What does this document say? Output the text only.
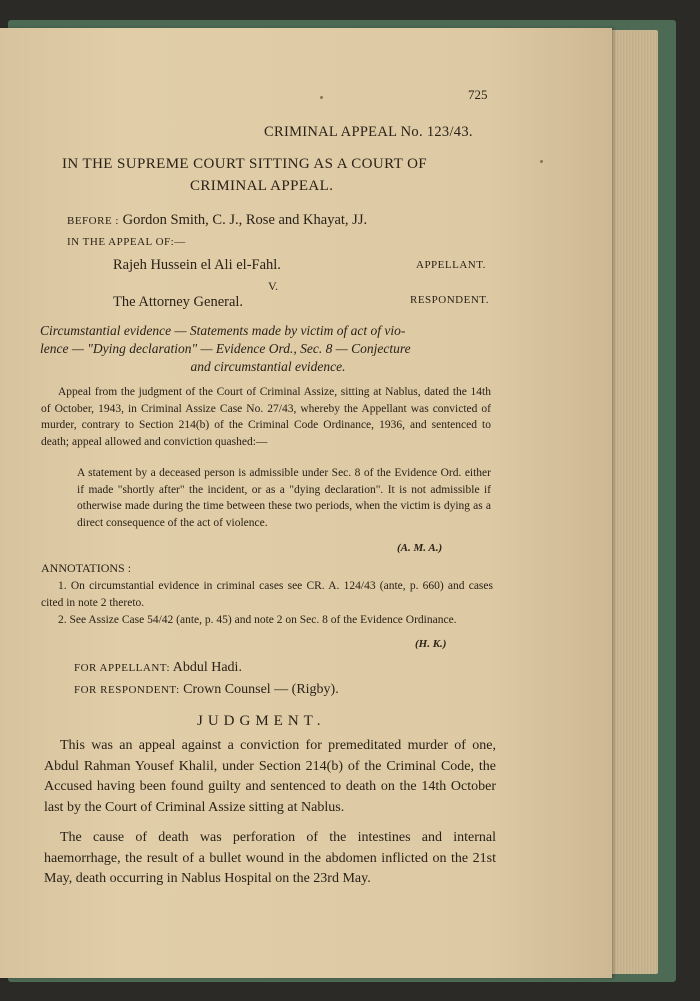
725
CRIMINAL APPEAL No. 123/43.
IN THE SUPREME COURT SITTING AS A COURT OF
CRIMINAL APPEAL.
BEFORE : Gordon Smith, C. J., Rose and Khayat, JJ.
IN THE APPEAL OF:—
Rajeh Hussein el Ali el-Fahl.	APPELLANT.
V.
The Attorney General.	RESPONDENT.
Circumstantial evidence — Statements made by victim of act of vio-
lence — "Dying declaration" — Evidence Ord., Sec. 8 — Conjecture
and circumstantial evidence.
Appeal from the judgment of the Court of Criminal Assize, sitting at Nablus, dated the 14th of October, 1943, in Criminal Assize Case No. 27/43, whereby the Appellant was convicted of murder, contrary to Section 214(b) of the Criminal Code Ordinance, 1936, and sentenced to death; appeal allowed and conviction quashed:—
A statement by a deceased person is admissible under Sec. 8 of the Evidence Ord. either if made "shortly after" the incident, or as a "dying declaration". It is not admissible if otherwise made during the time between these two periods, when the victim is dying as a direct consequence of the act of violence.
(A. M. A.)
ANNOTATIONS :
1. On circumstantial evidence in criminal cases see CR. A. 124/43 (ante, p. 660) and cases cited in note 2 thereto.
2. See Assize Case 54/42 (ante, p. 45) and note 2 on Sec. 8 of the Evidence Ordinance.
(H. K.)
FOR APPELLANT: Abdul Hadi.
FOR RESPONDENT: Crown Counsel — (Rigby).
JUDGMENT.
This was an appeal against a conviction for premeditated murder of one, Abdul Rahman Yousef Khalil, under Section 214(b) of the Criminal Code, the Accused having been found guilty and sentenced to death on the 14th October last by the Court of Criminal Assize sitting at Nablus.
The cause of death was perforation of the intestines and internal haemorrhage, the result of a bullet wound in the abdomen inflicted on the 21st May, death occurring in Nablus Hospital on the 23rd May.
